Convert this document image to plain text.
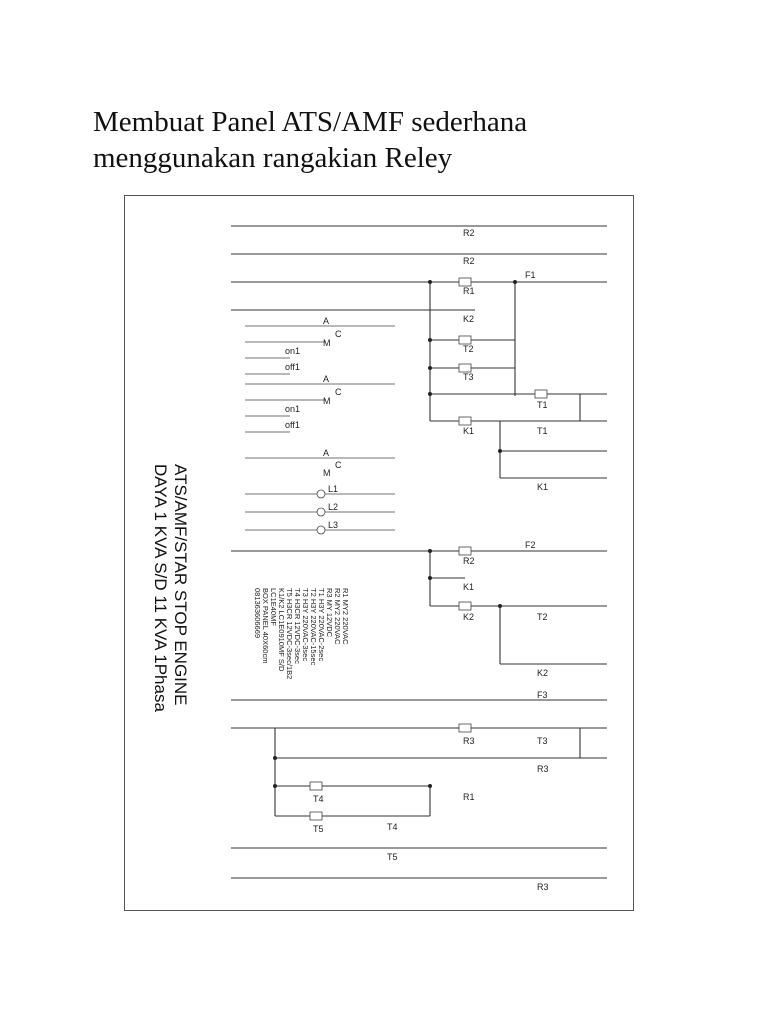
Membuat Panel ATS/AMF sederhana
menggunakan rangakian Reley
ATS/AMF/STAR STOP ENGINE
DAYA 1 KVA S/D 11 KVA 1Phasa	R1 MY2 220VAC
R2 MY2 220VAC
R3 MY 12VDC
T1 H3Y 220VAC-2sec
T2 H3Y 220VAC-15sec
T3 H3Y 220VAC-3sec
T4 H3CR 12VDC-3sec
T5 H3CR 12VDC-3sec/1B2
K1/K2 LC1E0910MF S/D
LC1E40MF
BOX PANEL 40X60cm
081363606669
A
C
M
on1
off1
A
C
M
on1
off1
A
C
M
L1
L2
L3
R2
R2
R1
K2
T2
T3
T1
T1
K1
K1
F1
R2
K1
K2
F2
T2
K2
F3
R3	T3
R3
R1
T4
T5	T4
T5
R3
